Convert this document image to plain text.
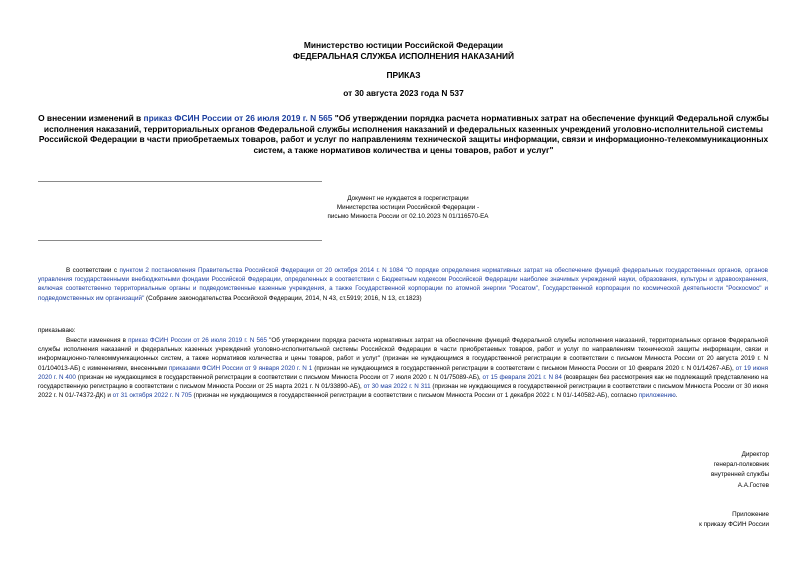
Министерство юстиции Российской Федерации
ФЕДЕРАЛЬНАЯ СЛУЖБА ИСПОЛНЕНИЯ НАКАЗАНИЙ
ПРИКАЗ
от 30 августа 2023 года N 537
О внесении изменений в приказ ФСИН России от 26 июля 2019 г. N 565 "Об утверждении порядка расчета нормативных затрат на обеспечение функций Федеральной службы исполнения наказаний, территориальных органов Федеральной службы исполнения наказаний и федеральных казенных учреждений уголовно-исполнительной системы Российской Федерации в части приобретаемых товаров, работ и услуг по направлениям технической защиты информации, связи и информационно-телекоммуникационных систем, а также нормативов количества и цены товаров, работ и услуг"
Документ не нуждается в госрегистрации
Министерства юстиции Российской Федерации -
письмо Минюста России от 02.10.2023 N 01/116570-ЕА
В соответствии с пунктом 2 постановления Правительства Российской Федерации от 20 октября 2014 г. N 1084 "О порядке определения нормативных затрат на обеспечение функций федеральных государственных органов, органов управления государственными внебюджетными фондами Российской Федерации, определенных в соответствии с Бюджетным кодексом Российской Федерации наиболее значимых учреждений науки, образования, культуры и здравоохранения, включая соответственно территориальные органы и подведомственные казенные учреждения, а также Государственной корпорации по атомной энергии "Росатом", Государственной корпорации по космической деятельности "Роскосмос" и подведомственных им организаций" (Собрание законодательства Российской Федерации, 2014, N 43, ст.5919; 2016, N 13, ст.1823)
приказываю:
Внести изменения в приказ ФСИН России от 26 июля 2019 г. N 565 "Об утверждении порядка расчета нормативных затрат на обеспечение функций Федеральной службы исполнения наказаний, территориальных органов Федеральной службы исполнения наказаний и федеральных казенных учреждений уголовно-исполнительной системы Российской Федерации в части приобретаемых товаров, работ и услуг по направлениям технической защиты информации, связи и информационно-телекоммуникационных систем, а также нормативов количества и цены товаров, работ и услуг" (признан не нуждающимся в государственной регистрации в соответствии с письмом Минюста России от 20 августа 2019 г. N 01/104013-АБ) с изменениями, внесенными приказами ФСИН России от 9 января 2020 г. N 1 (признан не нуждающимся в государственной регистрации в соответствии с письмом Минюста России от 10 февраля 2020 г. N 01/14267-АБ), от 19 июня 2020 г. N 400 (признан не нуждающимся в государственной регистрации в соответствии с письмом Минюста России от 7 июля 2020 г. N 01/75089-АБ), от 15 февраля 2021 г. N 84 (возвращен без рассмотрения как не подлежащий представлению на государственную регистрацию в соответствии с письмом Минюста России от 25 марта 2021 г. N 01/33890-АБ), от 30 мая 2022 г. N 311 (признан не нуждающимся в государственной регистрации в соответствии с письмом Минюста России от 30 июня 2022 г. N 01/-74372-ДК) и от 31 октября 2022 г. N 705 (признан не нуждающимся в государственной регистрации в соответствии с письмом Минюста России от 1 декабря 2022 г. N 01/-140582-АБ), согласно приложению.
Директор
генерал-полковник
внутренней службы
А.А.Гостев
Приложение
к приказу ФСИН России
